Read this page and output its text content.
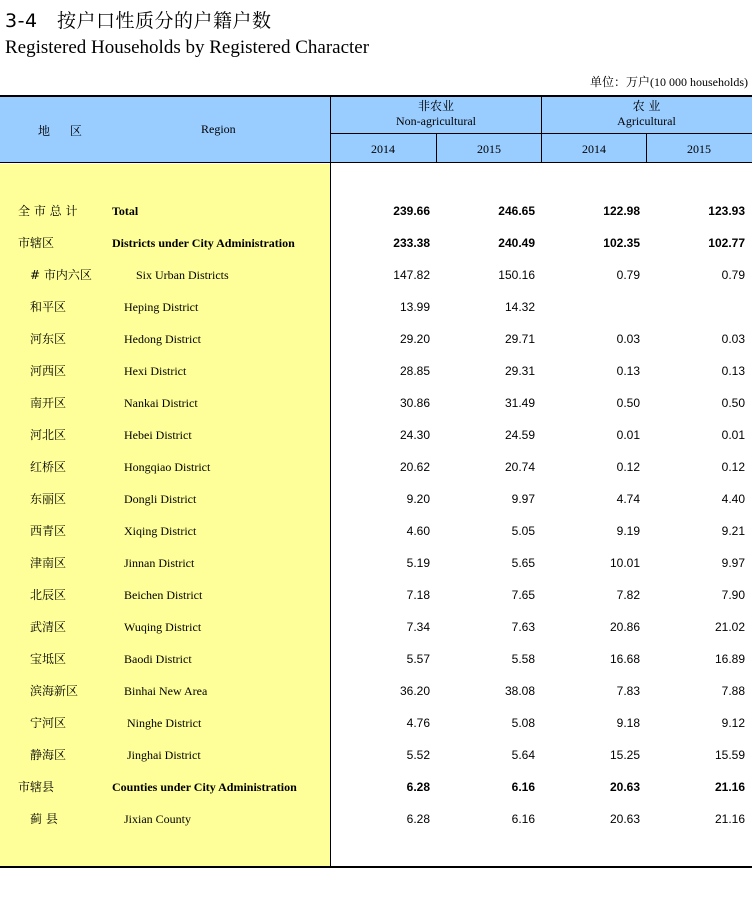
3-4　按户口性质分的户籍户数
Registered Households by Registered Character
单位：万户(10 000 households)
地 区	Region
非农业
Non-agricultural
农 业
Agricultural
2014	2015	2014	2015
全 市 总 计	Total	239.66	246.65	122.98	123.93
市辖区	Districts under City Administration	233.38	240.49	102.35	102.77
# 市内六区	Six Urban Districts	147.82	150.16	0.79	0.79
和平区	Heping District	13.99	14.32
河东区	Hedong District	29.20	29.71	0.03	0.03
河西区	Hexi District	28.85	29.31	0.13	0.13
南开区	Nankai District	30.86	31.49	0.50	0.50
河北区	Hebei District	24.30	24.59	0.01	0.01
红桥区	Hongqiao District	20.62	20.74	0.12	0.12
东丽区	Dongli District	9.20	9.97	4.74	4.40
西青区	Xiqing District	4.60	5.05	9.19	9.21
津南区	Jinnan District	5.19	5.65	10.01	9.97
北辰区	Beichen District	7.18	7.65	7.82	7.90
武清区	Wuqing District	7.34	7.63	20.86	21.02
宝坻区	Baodi District	5.57	5.58	16.68	16.89
滨海新区	Binhai New Area	36.20	38.08	7.83	7.88
宁河区	Ninghe District	4.76	5.08	9.18	9.12
静海区	Jinghai District	5.52	5.64	15.25	15.59
市辖县	Counties under City Administration	6.28	6.16	20.63	21.16
蓟 县	Jixian County	6.28	6.16	20.63	21.16
